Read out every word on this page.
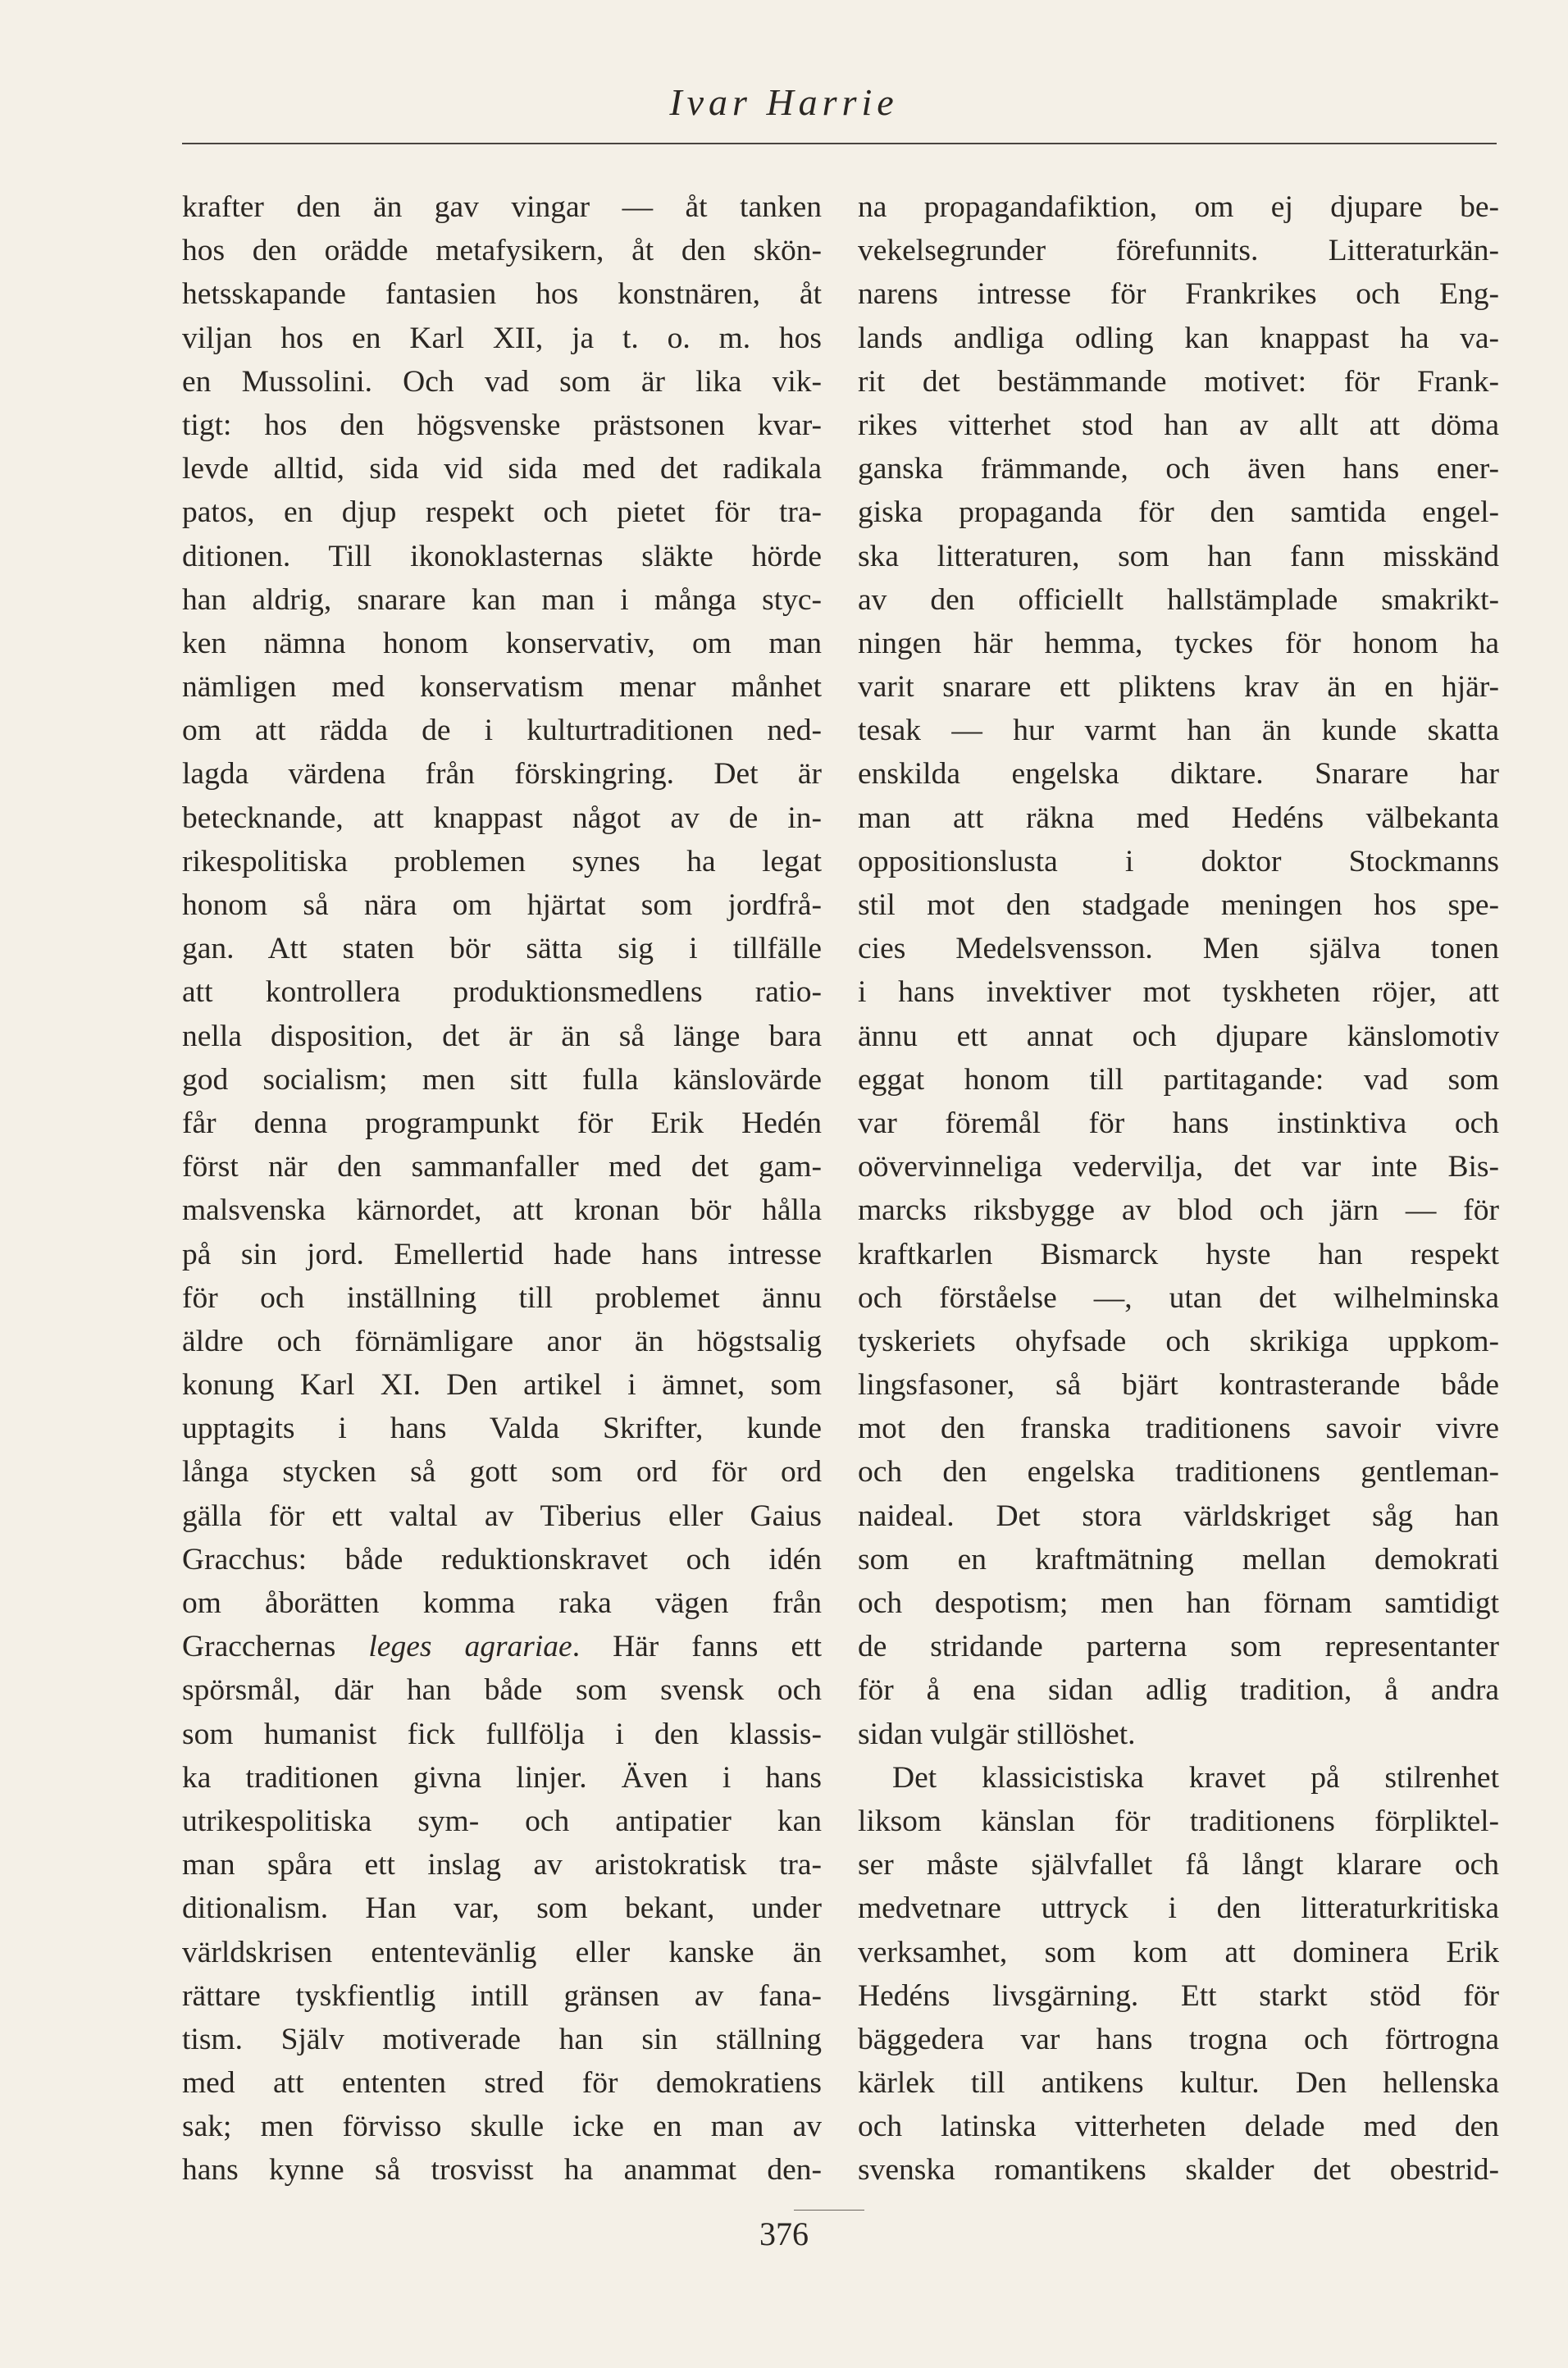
Ivar Harrie
krafter den än gav vingar — åt tanken
hos den orädde metafysikern, åt den skön-
hetsskapande fantasien hos konstnären, åt
viljan hos en Karl XII, ja t. o. m. hos
en Mussolini. Och vad som är lika vik-
tigt: hos den högsvenske prästsonen kvar-
levde alltid, sida vid sida med det radikala
patos, en djup respekt och pietet för tra-
ditionen. Till ikonoklasternas släkte hörde
han aldrig, snarare kan man i många styc-
ken nämna honom konservativ, om man
nämligen med konservatism menar månhet
om att rädda de i kulturtraditionen ned-
lagda värdena från förskingring. Det är
betecknande, att knappast något av de in-
rikespolitiska problemen synes ha legat
honom så nära om hjärtat som jordfrå-
gan. Att staten bör sätta sig i tillfälle
att kontrollera produktionsmedlens ratio-
nella disposition, det är än så länge bara
god socialism; men sitt fulla känslovärde
får denna programpunkt för Erik Hedén
först när den sammanfaller med det gam-
malsvenska kärnordet, att kronan bör hålla
på sin jord. Emellertid hade hans intresse
för och inställning till problemet ännu
äldre och förnämligare anor än högstsalig
konung Karl XI. Den artikel i ämnet, som
upptagits i hans Valda Skrifter, kunde
långa stycken så gott som ord för ord
gälla för ett valtal av Tiberius eller Gaius
Gracchus: både reduktionskravet och idén
om åborätten komma raka vägen från
Gracchernas leges agrariae. Här fanns ett
spörsmål, där han både som svensk och
som humanist fick fullfölja i den klassis-
ka traditionen givna linjer. Även i hans
utrikespolitiska sym- och antipatier kan
man spåra ett inslag av aristokratisk tra-
ditionalism. Han var, som bekant, under
världskrisen ententevänlig eller kanske än
rättare tyskfientlig intill gränsen av fana-
tism. Själv motiverade han sin ställning
med att ententen stred för demokratiens
sak; men förvisso skulle icke en man av
hans kynne så trosvisst ha anammat den-
na propagandafiktion, om ej djupare be-
vekelsegrunder förefunnits. Litteraturkän-
narens intresse för Frankrikes och Eng-
lands andliga odling kan knappast ha va-
rit det bestämmande motivet: för Frank-
rikes vitterhet stod han av allt att döma
ganska främmande, och även hans ener-
giska propaganda för den samtida engel-
ska litteraturen, som han fann misskänd
av den officiellt hallstämplade smakrikt-
ningen här hemma, tyckes för honom ha
varit snarare ett pliktens krav än en hjär-
tesak — hur varmt han än kunde skatta
enskilda engelska diktare. Snarare har
man att räkna med Hedéns välbekanta
oppositionslusta i doktor Stockmanns
stil mot den stadgade meningen hos spe-
cies Medelsvensson. Men själva tonen
i hans invektiver mot tyskheten röjer, att
ännu ett annat och djupare känslomotiv
eggat honom till partitagande: vad som
var föremål för hans instinktiva och
oövervinneliga vedervilja, det var inte Bis-
marcks riksbygge av blod och järn — för
kraftkarlen Bismarck hyste han respekt
och förståelse —, utan det wilhelminska
tyskeriets ohyfsade och skrikiga uppkom-
lingsfasoner, så bjärt kontrasterande både
mot den franska traditionens savoir vivre
och den engelska traditionens gentleman-
naideal. Det stora världskriget såg han
som en kraftmätning mellan demokrati
och despotism; men han förnam samtidigt
de stridande parterna som representanter
för å ena sidan adlig tradition, å andra
sidan vulgär stillöshet.
Det klassicistiska kravet på stilrenhet
liksom känslan för traditionens förpliktel-
ser måste självfallet få långt klarare och
medvetnare uttryck i den litteraturkritiska
verksamhet, som kom att dominera Erik
Hedéns livsgärning. Ett starkt stöd för
bäggedera var hans trogna och förtrogna
kärlek till antikens kultur. Den hellenska
och latinska vitterheten delade med den
svenska romantikens skalder det obestrid-
376
